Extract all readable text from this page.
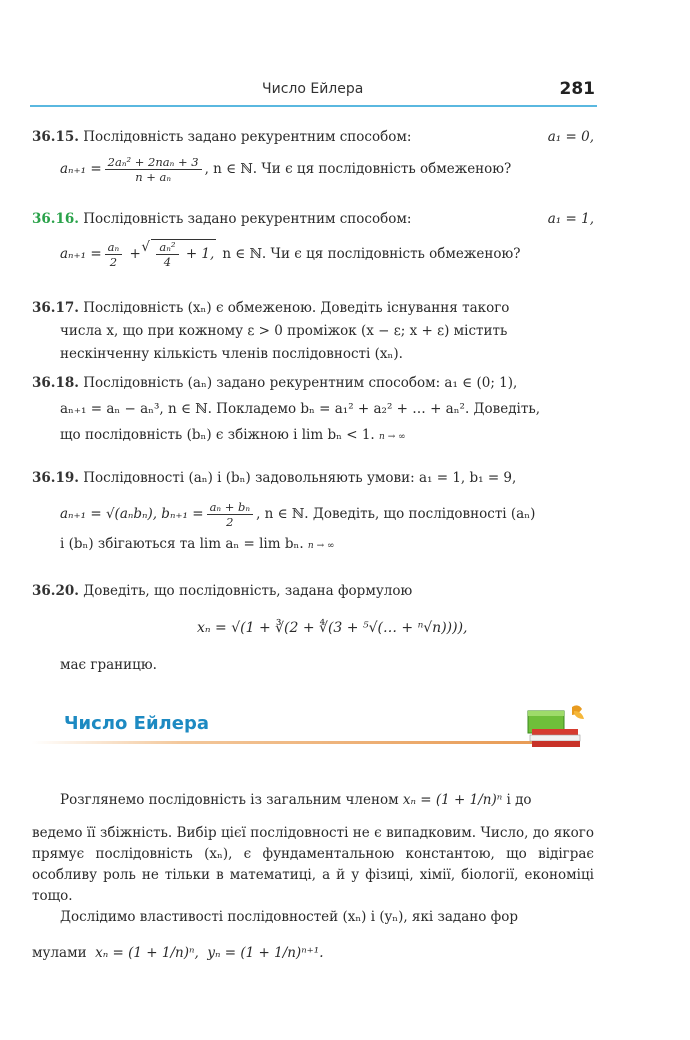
Число Ейлера	281
36.15. Послідовність задано рекурентним способом:	a₁ = 0,
$a_{n+1} = \frac{\text{2aₙ² + 2naₙ + 3}}{\text{n + aₙ}}$ , n ∈ ℕ. Чи є ця послідовність обмеженою?
36.16. Послідовність задано рекурентним способом:	a₁ = 1,
$a_{n+1} = \frac{\text{aₙ}}{2}$ +
√ $\frac{\text{aₙ²}}{4} + 1$, n ∈ ℕ. Чи є ця послідовність обмеженою?
36.17. Послідовність (xₙ) є обмеженою. Доведіть існування такого
числа x, що при кожному ε > 0 проміжок (x − ε; x + ε) містить
нескінченну кількість членів послідовності (xₙ).
36.18. Послідовність (aₙ) задано рекурентним способом: a₁ ∈ (0; 1),
aₙ₊₁ = aₙ − aₙ³, n ∈ ℕ. Покладемо bₙ = a₁² + a₂² + … + aₙ². Доведіть,
що послідовність (bₙ) є збіжною і lim bₙ < 1. n → ∞
36.19. Послідовності (aₙ) і (bₙ) задовольняють умови: a₁ = 1, b₁ = 9,
aₙ₊₁ = √(aₙbₙ), $b_{n+1} = \frac{\text{aₙ + bₙ}}{2}$ , n ∈ ℕ. Доведіть, що послідовності (aₙ)
і (bₙ) збігаються та lim aₙ = lim bₙ. n → ∞
36.20. Доведіть, що послідовність, задана формулою
xₙ = √(1 + ∛(2 + ∜(3 + ⁵√(… + ⁿ√n)))),
має границю.
Число Ейлера
Розглянемо послідовність із загальним членом xₙ = (1 + 1/n)ⁿ і до
ведемо її збіжність. Вибір цієї послідовності не є випадковим. Число, до якого прямує послідовність (xₙ), є фундаментальною константою, що відіграє особливу роль не тільки в математиці, а й у фізиці, хімії, біології, економіці тощо.
Дослідимо властивості послідовностей (xₙ) і (yₙ), які задано фор
мулами xₙ = (1 + 1/n)ⁿ, yₙ = (1 + 1/n)ⁿ⁺¹.
